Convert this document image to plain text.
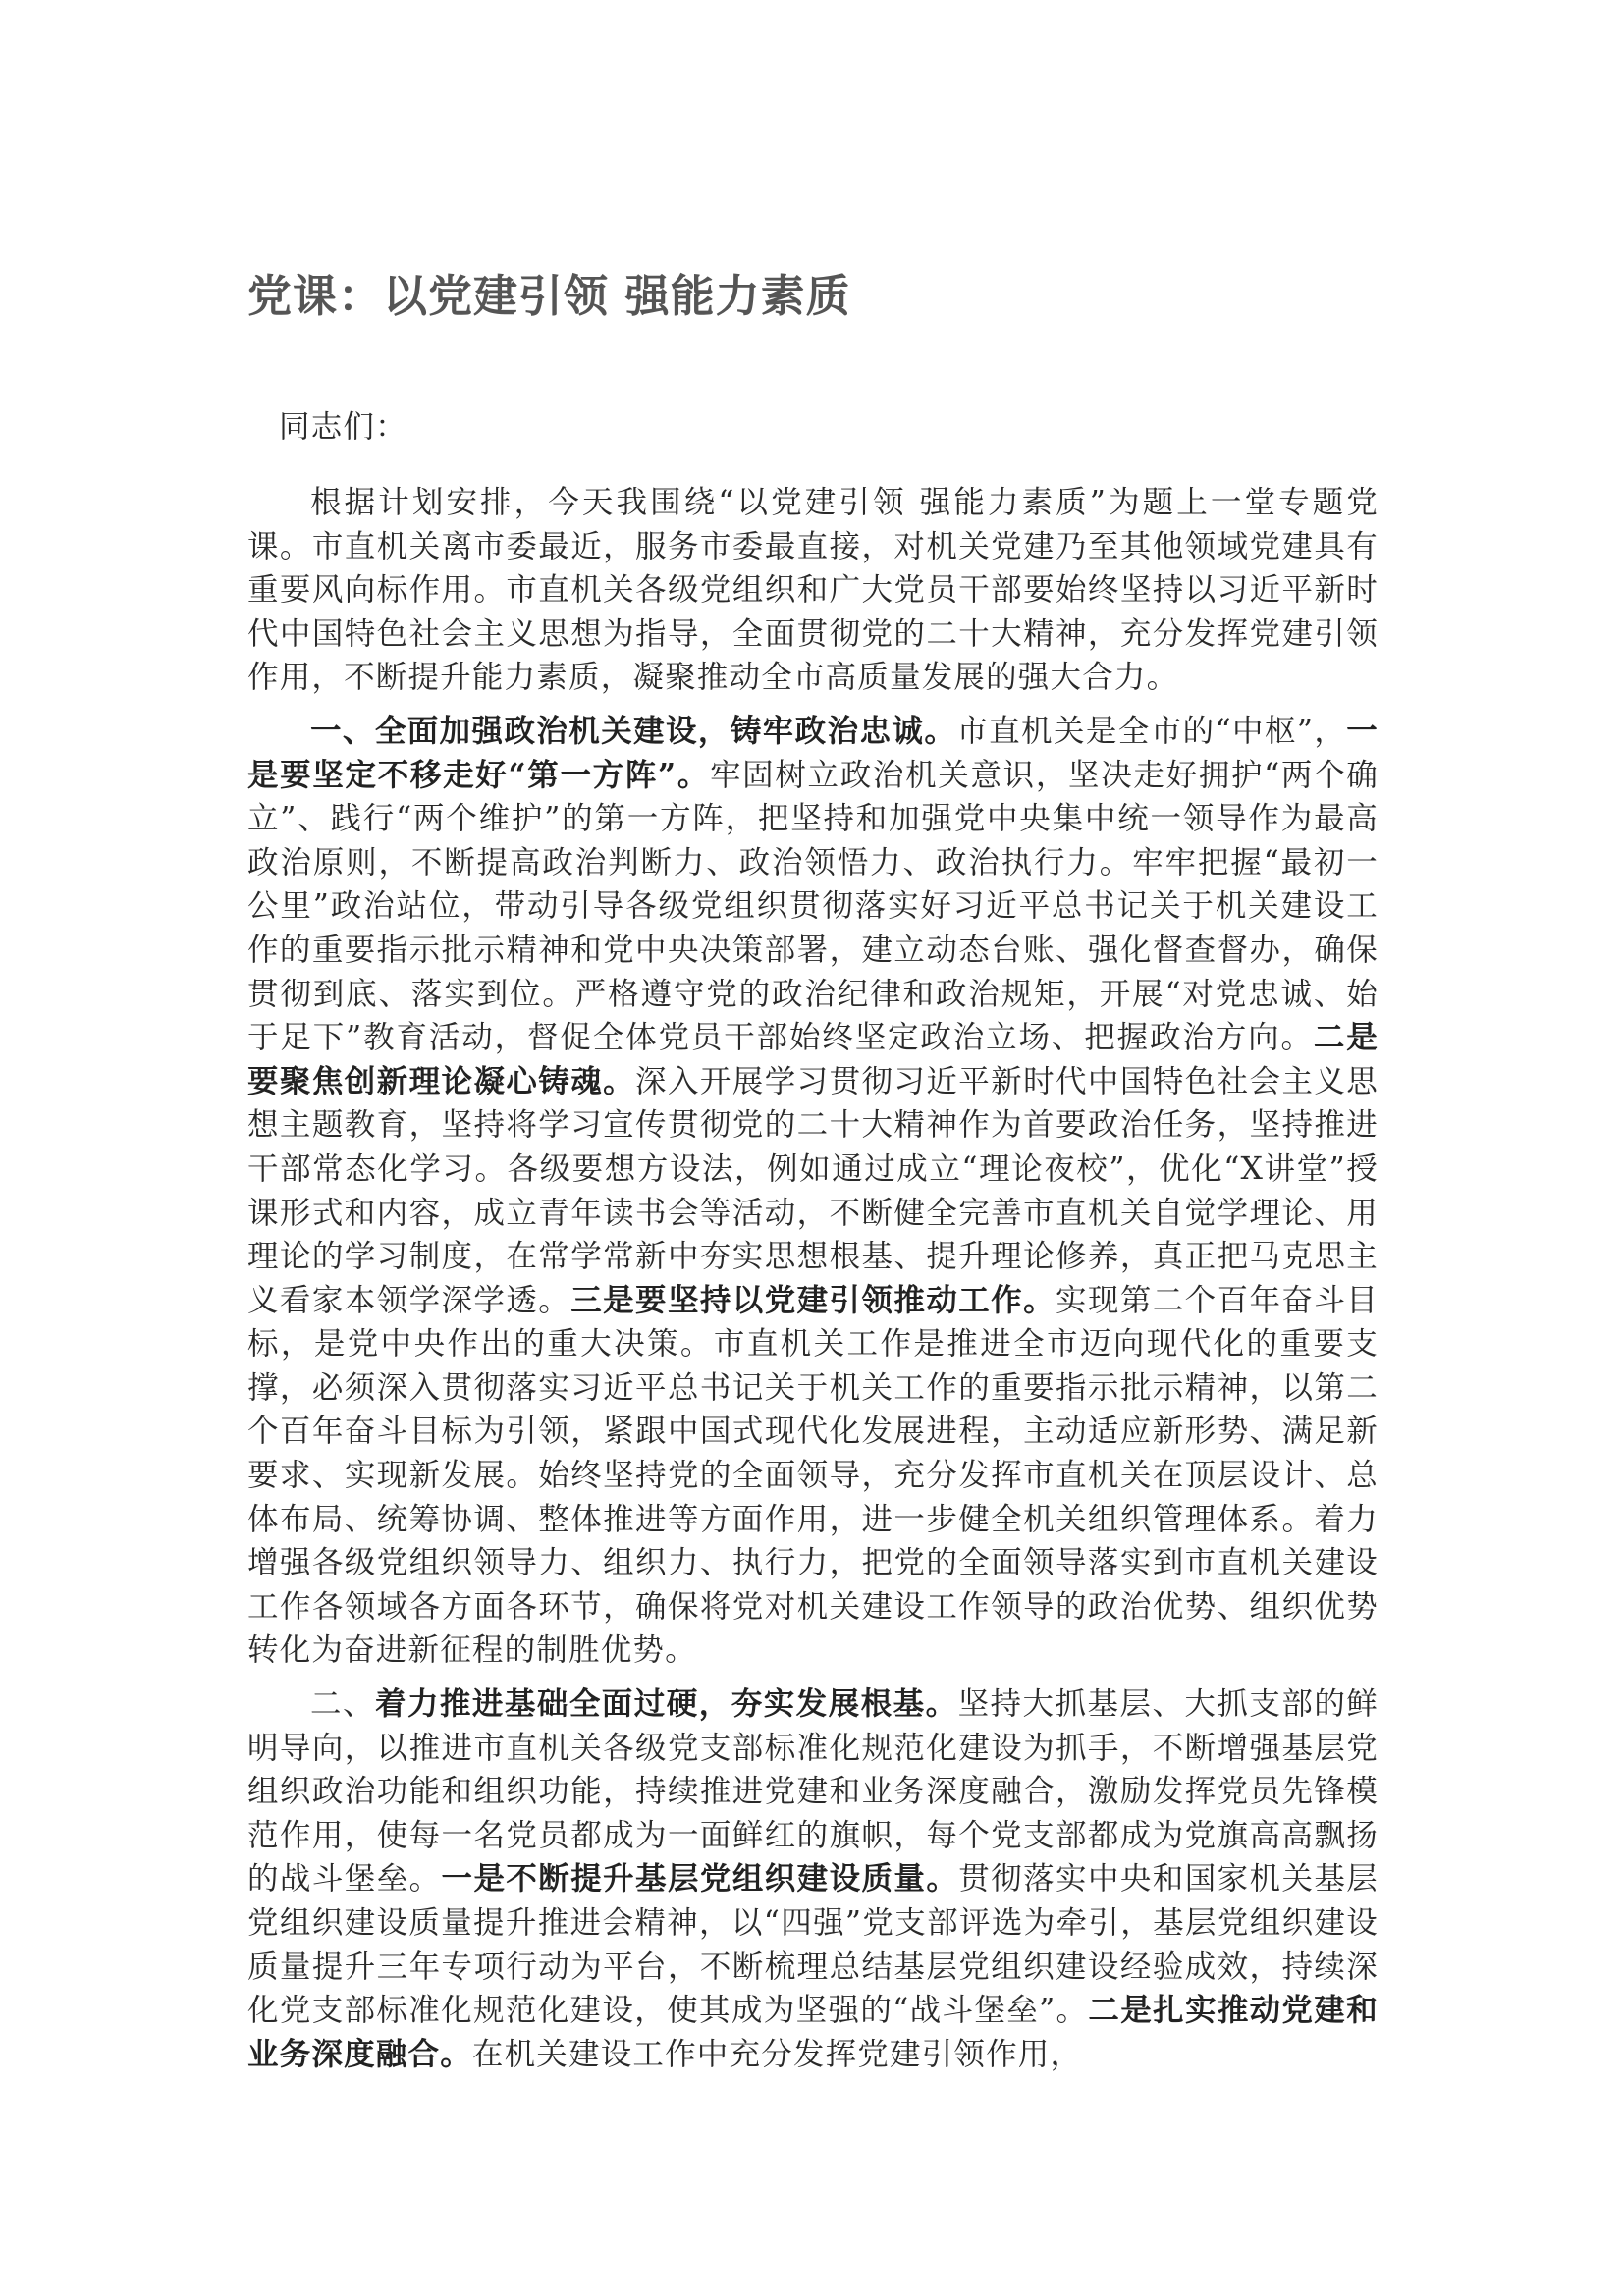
党课：以党建引领 强能力素质

同志们：

根据计划安排，今天我围绕“以党建引领 强能力素质”为题上一堂专题党课。市直机关离市委最近，服务市委最直接，对机关党建乃至其他领域党建具有重要风向标作用。市直机关各级党组织和广大党员干部要始终坚持以习近平新时代中国特色社会主义思想为指导，全面贯彻党的二十大精神，充分发挥党建引领作用，不断提升能力素质，凝聚推动全市高质量发展的强大合力。

一、全面加强政治机关建设，铸牢政治忠诚。市直机关是全市的“中枢”，一是要坚定不移走好“第一方阵”。牢固树立政治机关意识，坚决走好拥护“两个确立”、践行“两个维护”的第一方阵，把坚持和加强党中央集中统一领导作为最高政治原则，不断提高政治判断力、政治领悟力、政治执行力。牢牢把握“最初一公里”政治站位，带动引导各级党组织贯彻落实好习近平总书记关于机关建设工作的重要指示批示精神和党中央决策部署，建立动态台账、强化督查督办，确保贯彻到底、落实到位。严格遵守党的政治纪律和政治规矩，开展“对党忠诚、始于足下”教育活动，督促全体党员干部始终坚定政治立场、把握政治方向。二是要聚焦创新理论凝心铸魂。深入开展学习贯彻习近平新时代中国特色社会主义思想主题教育，坚持将学习宣传贯彻党的二十大精神作为首要政治任务，坚持推进干部常态化学习。各级要想方设法，例如通过成立“理论夜校”，优化“X讲堂”授课形式和内容，成立青年读书会等活动，不断健全完善市直机关自觉学理论、用理论的学习制度，在常学常新中夯实思想根基、提升理论修养，真正把马克思主义看家本领学深学透。三是要坚持以党建引领推动工作。实现第二个百年奋斗目标，是党中央作出的重大决策。市直机关工作是推进全市迈向现代化的重要支撑，必须深入贯彻落实习近平总书记关于机关工作的重要指示批示精神，以第二个百年奋斗目标为引领，紧跟中国式现代化发展进程，主动适应新形势、满足新要求、实现新发展。始终坚持党的全面领导，充分发挥市直机关在顶层设计、总体布局、统筹协调、整体推进等方面作用，进一步健全机关组织管理体系。着力增强各级党组织领导力、组织力、执行力，把党的全面领导落实到市直机关建设工作各领域各方面各环节，确保将党对机关建设工作领导的政治优势、组织优势转化为奋进新征程的制胜优势。

二、着力推进基础全面过硬，夯实发展根基。坚持大抓基层、大抓支部的鲜明导向，以推进市直机关各级党支部标准化规范化建设为抓手，不断增强基层党组织政治功能和组织功能，持续推进党建和业务深度融合，激励发挥党员先锋模范作用，使每一名党员都成为一面鲜红的旗帜，每个党支部都成为党旗高高飘扬的战斗堡垒。一是不断提升基层党组织建设质量。贯彻落实中央和国家机关基层党组织建设质量提升推进会精神，以“四强”党支部评选为牵引，基层党组织建设质量提升三年专项行动为平台，不断梳理总结基层党组织建设经验成效，持续深化党支部标准化规范化建设，使其成为坚强的“战斗堡垒”。二是扎实推动党建和业务深度融合。在机关建设工作中充分发挥党建引领作用，
